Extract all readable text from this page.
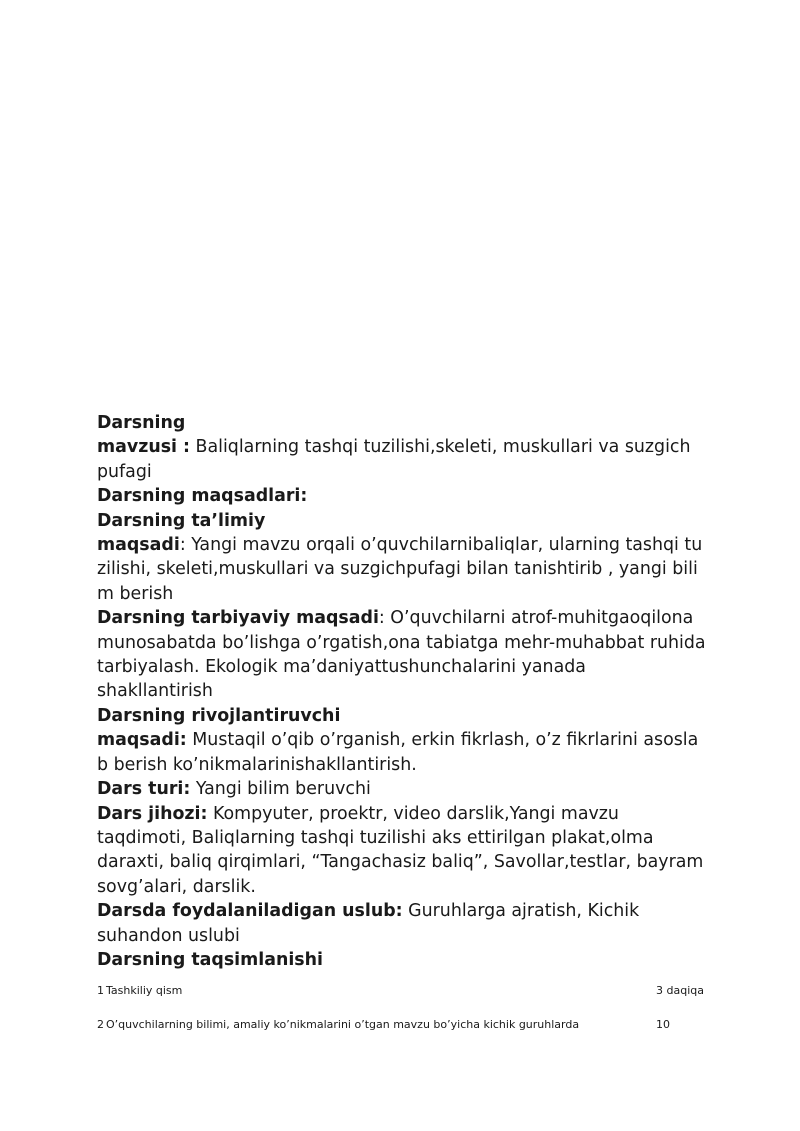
Darsning

mavzusi : Baliqlarning tashqi tuzilishi,skeleti, muskullari va suzgich pufagi

Darsning maqsadlari:

Darsning ta’limiy

maqsadi: Yangi mavzu orqali o’quvchilarnibaliqlar, ularning tashqi tuzilishi, skeleti,muskullari va suzgichpufagi bilan tanishtirib , yangi bilim berish

Darsning tarbiyaviy maqsadi: O’quvchilarni atrof-muhitgaoqilona munosabatda bo’lishga o’rgatish,ona tabiatga mehr-muhabbat ruhida tarbiyalash. Ekologik ma’daniyattushunchalarini yanada shakllantirish

Darsning rivojlantiruvchi

maqsadi: Mustaqil o’qib o’rganish, erkin fikrlash, o’z fikrlarini asoslab berish ko’nikmalarinishakllantirish.

Dars turi: Yangi bilim beruvchi

Dars jihozi: Kompyuter, proektr, video darslik,Yangi mavzu taqdimoti, Baliqlarning tashqi tuzilishi aks ettirilgan plakat,olma daraxti, baliq qirqimlari, “Tangachasiz baliq”, Savollar,testlar, bayram sovg’alari, darslik.

Darsda foydalaniladigan uslub: Guruhlarga ajratish, Kichik suhandon uslubi

Darsning taqsimlanishi

1 Tashkiliy qism	3 daqiqa
2 O’quvchilarning bilimi, amaliy ko’nikmalarini o’tgan mavzu bo’yicha kichik guruhlarda	10
